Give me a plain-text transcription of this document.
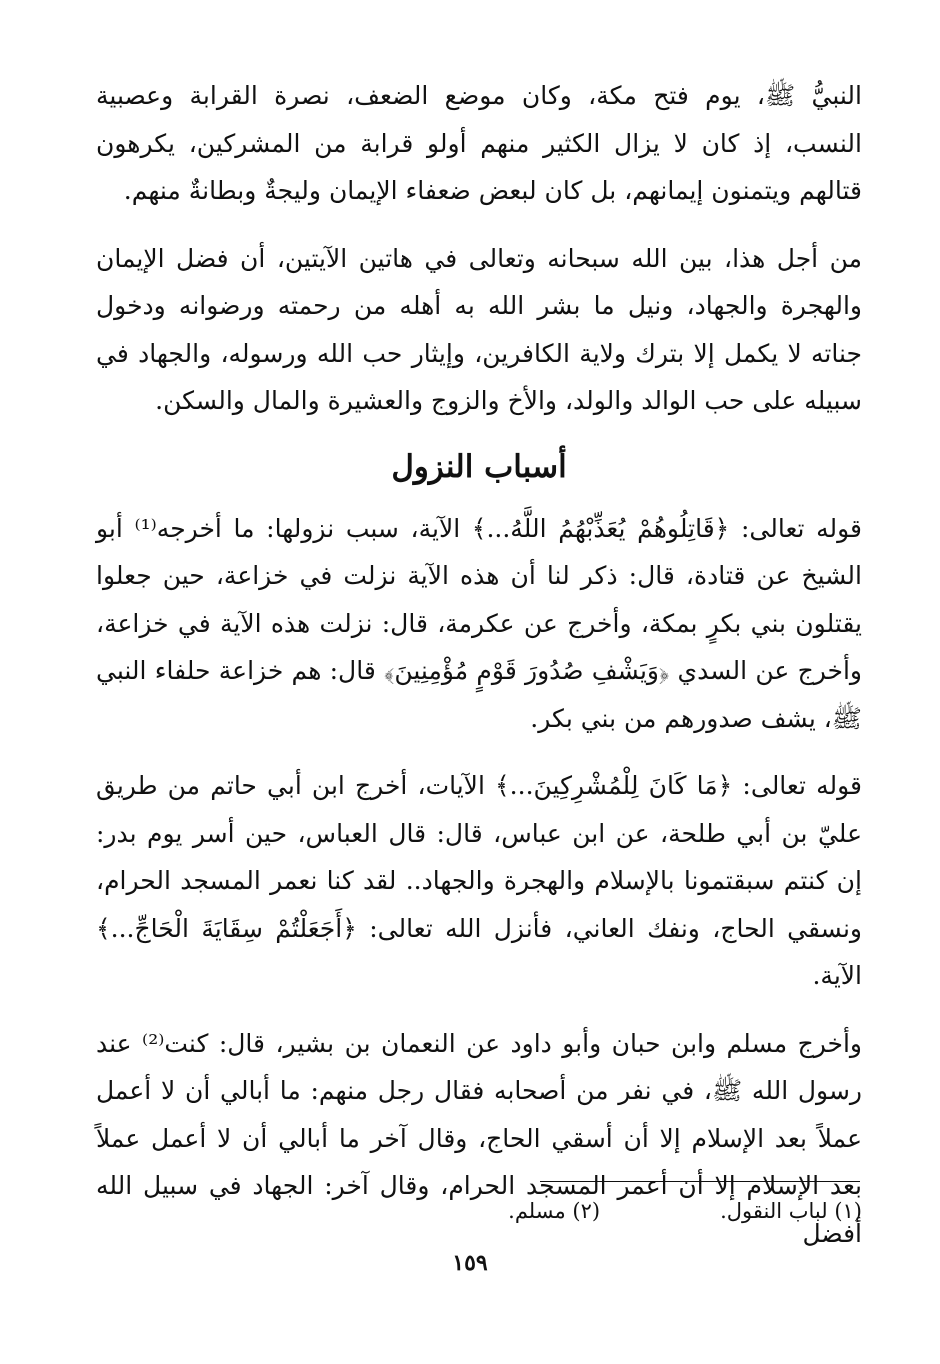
النبيُّ ﷺ، يوم فتح مكة، وكان موضع الضعف، نصرة القرابة وعصبية النسب، إذ كان لا يزال الكثير منهم أولو قرابة من المشركين، يكرهون قتالهم ويتمنون إيمانهم، بل كان لبعض ضعفاء الإيمان وليجةٌ وبطانةٌ منهم.

من أجل هذا، بين الله سبحانه وتعالى في هاتين الآيتين، أن فضل الإيمان والهجرة والجهاد، ونيل ما بشر الله به أهله من رحمته ورضوانه ودخول جناته لا يكمل إلا بترك ولاية الكافرين، وإيثار حب الله ورسوله، والجهاد في سبيله على حب الوالد والولد، والأخ والزوج والعشيرة والمال والسكن.

أسباب النزول

قوله تعالى: ﴿قَاتِلُوهُمْ يُعَذِّبْهُمُ اللَّهُ...﴾ الآية، سبب نزولها: ما أخرجه⁽¹⁾ أبو الشيخ عن قتادة، قال: ذكر لنا أن هذه الآية نزلت في خزاعة، حين جعلوا يقتلون بني بكرٍ بمكة، وأخرج عن عكرمة، قال: نزلت هذه الآية في خزاعة، وأخرج عن السدي ﴿وَيَشْفِ صُدُورَ قَوْمٍ مُؤْمِنِينَ﴾ قال: هم خزاعة حلفاء النبي ﷺ، يشف صدورهم من بني بكر.

قوله تعالى: ﴿مَا كَانَ لِلْمُشْرِكِينَ...﴾ الآيات، أخرج ابن أبي حاتم من طريق عليّ بن أبي طلحة، عن ابن عباس، قال: قال العباس، حين أسر يوم بدر: إن كنتم سبقتمونا بالإسلام والهجرة والجهاد.. لقد كنا نعمر المسجد الحرام، ونسقي الحاج، ونفك العاني، فأنزل الله تعالى: ﴿أَجَعَلْتُمْ سِقَايَةَ الْحَاجِّ...﴾ الآية.

وأخرج مسلم وابن حبان وأبو داود عن النعمان بن بشير، قال: كنت⁽²⁾ عند رسول الله ﷺ، في نفر من أصحابه فقال رجل منهم: ما أبالي أن لا أعمل عملاً بعد الإسلام إلا أن أسقي الحاج، وقال آخر ما أبالي أن لا أعمل عملاً بعد الإسلام إلا أن أعمر المسجد الحرام، وقال آخر: الجهاد في سبيل الله أفضل

(١) لباب النقول.
(٢) مسلم.
١٥٩
